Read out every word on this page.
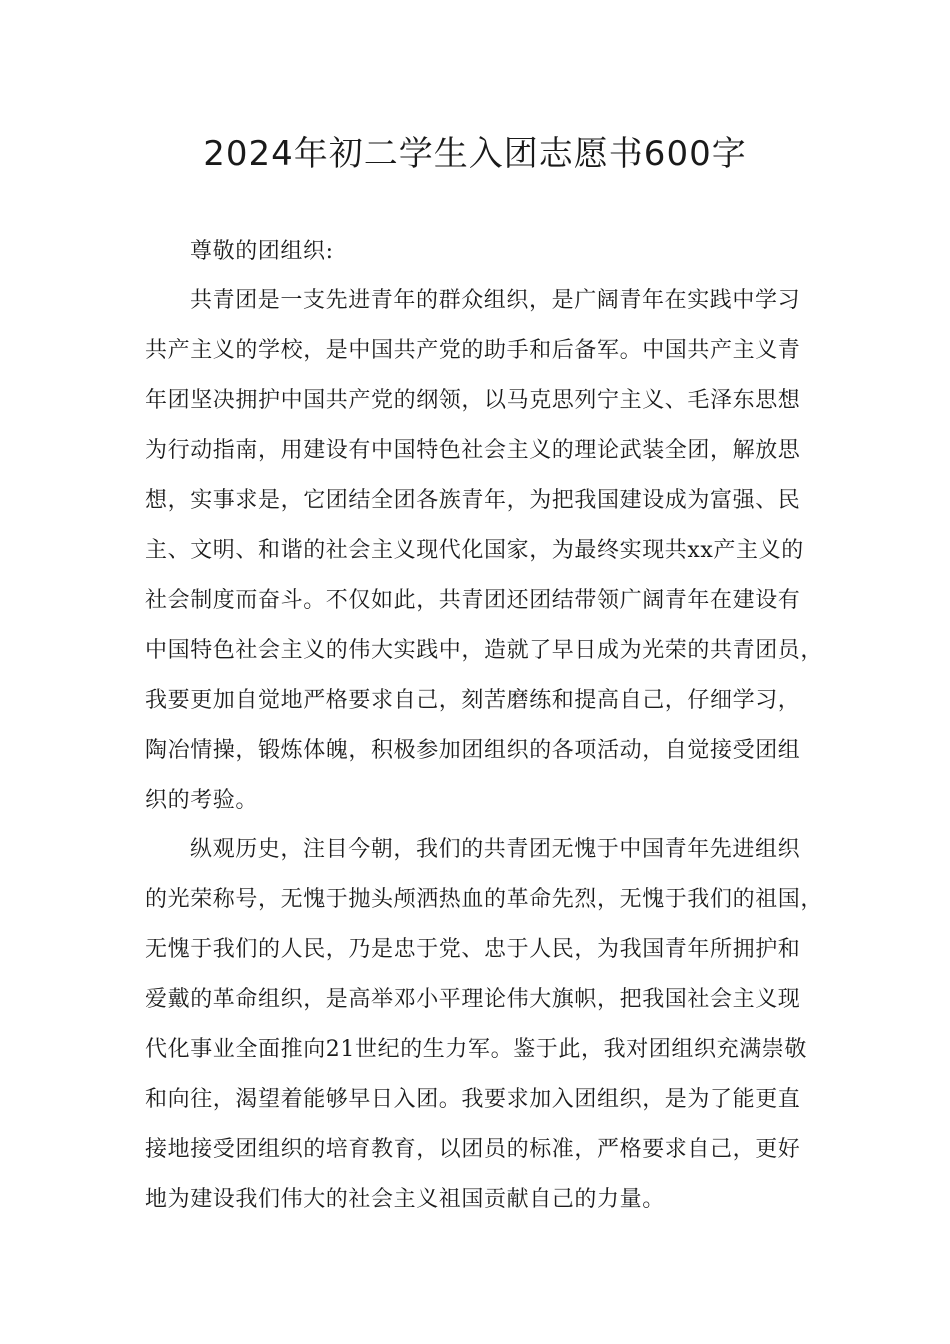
2024年初二学生入团志愿书600字
尊敬的团组织:
共青团是一支先进青年的群众组织，是广阔青年在实践中学习
共产主义的学校，是中国共产党的助手和后备军。中国共产主义青
年团坚决拥护中国共产党的纲领，以马克思列宁主义、毛泽东思想
为行动指南，用建设有中国特色社会主义的理论武装全团，解放思
想，实事求是，它团结全团各族青年，为把我国建设成为富强、民
主、文明、和谐的社会主义现代化国家，为最终实现共xx产主义的
社会制度而奋斗。不仅如此，共青团还团结带领广阔青年在建设有
中国特色社会主义的伟大实践中，造就了早日成为光荣的共青团员，
我要更加自觉地严格要求自己，刻苦磨练和提高自己，仔细学习，
陶冶情操，锻炼体魄，积极参加团组织的各项活动，自觉接受团组
织的考验。
纵观历史，注目今朝，我们的共青团无愧于中国青年先进组织
的光荣称号，无愧于抛头颅洒热血的革命先烈，无愧于我们的祖国，
无愧于我们的人民，乃是忠于党、忠于人民，为我国青年所拥护和
爱戴的革命组织，是高举邓小平理论伟大旗帜，把我国社会主义现
代化事业全面推向21世纪的生力军。鉴于此，我对团组织充满崇敬
和向往，渴望着能够早日入团。我要求加入团组织，是为了能更直
接地接受团组织的培育教育，以团员的标准，严格要求自己，更好
地为建设我们伟大的社会主义祖国贡献自己的力量。
